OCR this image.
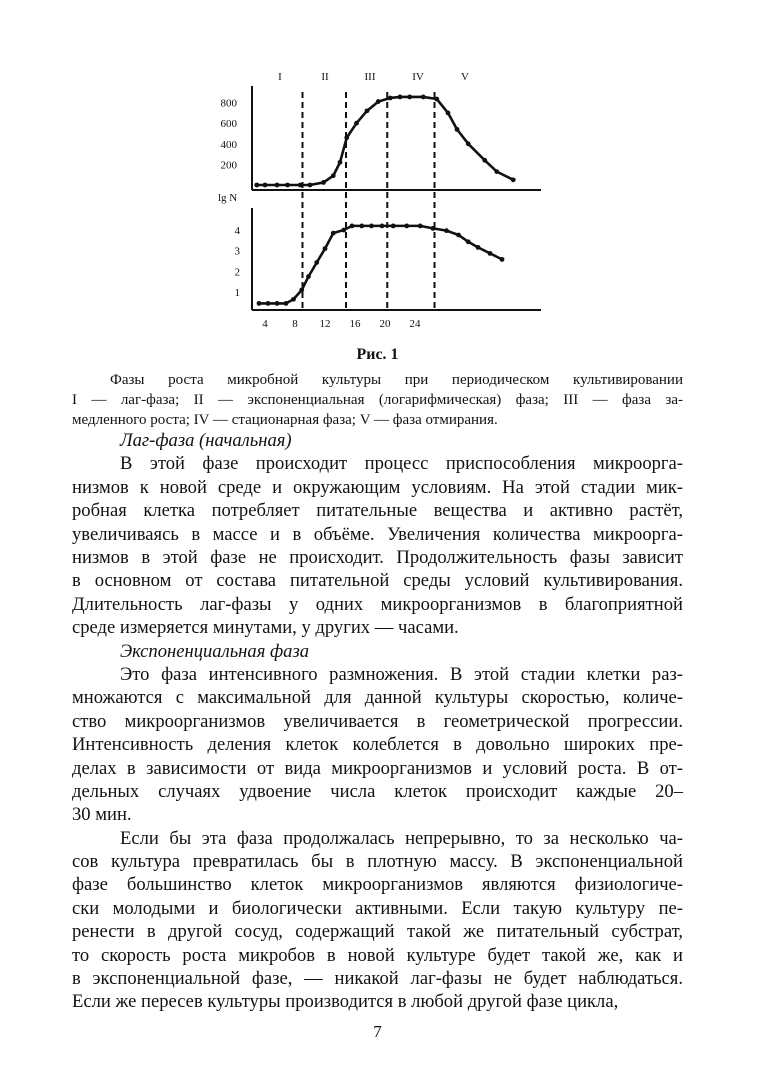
I	II	III	IV	V
200
400
600
800
1
2
3
4
4 8 12 16 20 24
lg N
Рис. 1
Фазы роста микробной культуры при периодическом культивировании
I — лаг-фаза; II — экспоненциальная (логарифмическая) фаза; III — фаза за-
медленного роста; IV — стационарная фаза; V — фаза отмирания.
Лаг-фаза (начальная)
В этой фазе происходит процесс приспособления микроорга-
низмов к новой среде и окружающим условиям. На этой стадии мик-
робная клетка потребляет питательные вещества и активно растёт,
увеличиваясь в массе и в объёме. Увеличения количества микроорга-
низмов в этой фазе не происходит. Продолжительность фазы зависит
в основном от состава питательной среды условий культивирования.
Длительность лаг-фазы у одних микроорганизмов в благоприятной
среде измеряется минутами, у других — часами.
Экспоненциальная фаза
Это фаза интенсивного размножения. В этой стадии клетки раз-
множаются с максимальной для данной культуры скоростью, количе-
ство микроорганизмов увеличивается в геометрической прогрессии.
Интенсивность деления клеток колеблется в довольно широких пре-
делах в зависимости от вида микроорганизмов и условий роста. В от-
дельных случаях удвоение числа клеток происходит каждые 20–
30 мин.
Если бы эта фаза продолжалась непрерывно, то за несколько ча-
сов культура превратилась бы в плотную массу. В экспоненциальной
фазе большинство клеток микроорганизмов являются физиологиче-
ски молодыми и биологически активными. Если такую культуру пе-
ренести в другой сосуд, содержащий такой же питательный субстрат,
то скорость роста микробов в новой культуре будет такой же, как и
в экспоненциальной фазе, — никакой лаг-фазы не будет наблюдаться.
Если же пересев культуры производится в любой другой фазе цикла,
7
